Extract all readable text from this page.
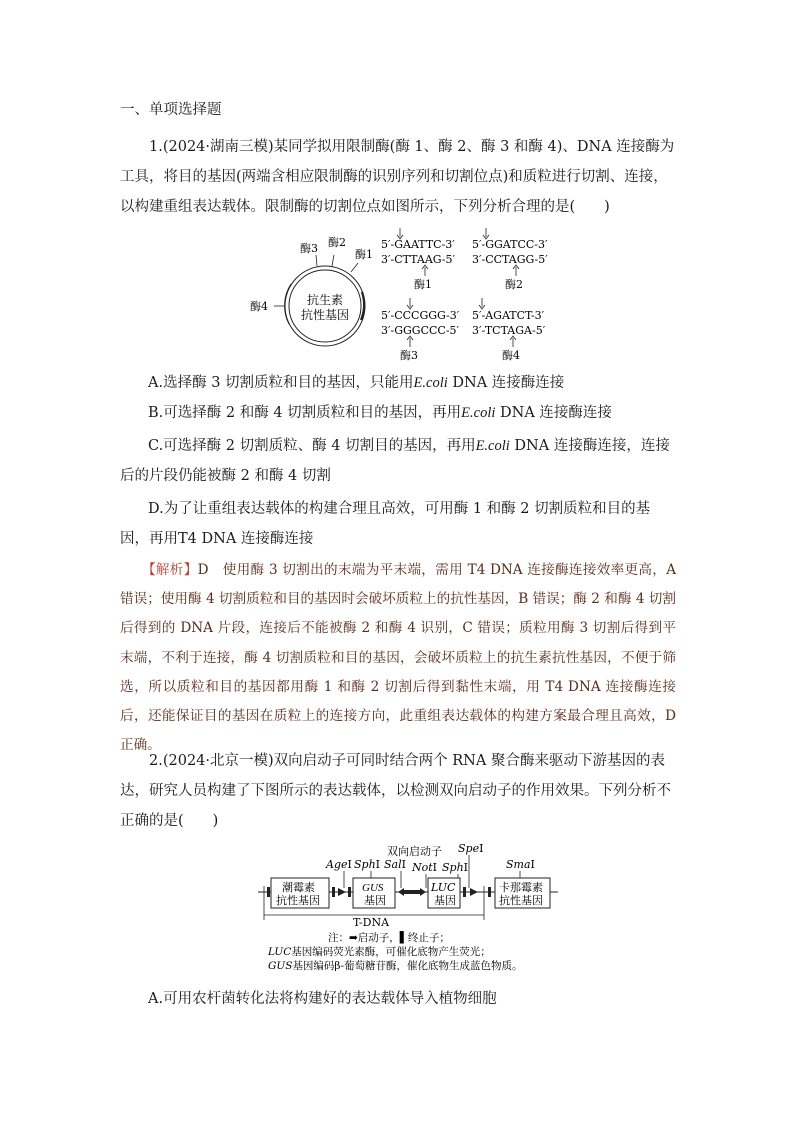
一、单项选择题

1.(2024·湖南三模)某同学拟用限制酶(酶 1、酶 2、酶 3 和酶 4)、DNA 连接酶为工具，将目的基因(两端含相应限制酶的识别序列和切割位点)和质粒进行切割、连接，以构建重组表达载体。限制酶的切割位点如图所示，下列分析合理的是(　　)

酶3 酶2
酶1
酶4	抗生素
抗性基因
5′-GAATTC-3′
3′-CTTAAG-5′
酶1
5′-GGATCC-3′
3′-CCTAGG-5′
酶2
5′-CCCGGG-3′
3′-GGGCCC-5′
酶3
5′-AGATCT-3′
3′-TCTAGA-5′
酶4

A.选择酶 3 切割质粒和目的基因，只能用E.coli DNA 连接酶连接

B.可选择酶 2 和酶 4 切割质粒和目的基因，再用E.coli DNA 连接酶连接

C.可选择酶 2 切割质粒、酶 4 切割目的基因，再用E.coli DNA 连接酶连接，连接后的片段仍能被酶 2 和酶 4 切割

D.为了让重组表达载体的构建合理且高效，可用酶 1 和酶 2 切割质粒和目的基因，再用T4 DNA 连接酶连接

【解析】D　使用酶 3 切割出的末端为平末端，需用 T4 DNA 连接酶连接效率更高，A 错误；使用酶 4 切割质粒和目的基因时会破坏质粒上的抗性基因，B 错误；酶 2 和酶 4 切割后得到的 DNA 片段，连接后不能被酶 2 和酶 4 识别，C 错误；质粒用酶 3 切割后得到平末端，不利于连接，酶 4 切割质粒和目的基因，会破坏质粒上的抗生素抗性基因，不便于筛选，所以质粒和目的基因都用酶 1 和酶 2 切割后得到黏性末端，用 T4 DNA 连接酶连接后，还能保证目的基因在质粒上的连接方向，此重组表达载体的构建方案最合理且高效，D 正确。

2.(2024·北京一模)双向启动子可同时结合两个 RNA 聚合酶来驱动下游基因的表达，研究人员构建了下图所示的表达载体，以检测双向启动子的作用效果。下列分析不正确的是(　　)

潮霉素
抗性基因
GUS
基因
LUC
基因
卡那霉素
抗性基因
T-DNA
AgeⅠ SphⅠ
双向启动子
SalⅠ NotⅠ SphⅠ
SpeⅠ
SmaⅠ
注：➡启动子，▌终止子；
LUC基因编码荧光素酶，可催化底物产生荧光；
GUS基因编码β-葡萄糖苷酶，催化底物生成蓝色物质。

A.可用农杆菌转化法将构建好的表达载体导入植物细胞
